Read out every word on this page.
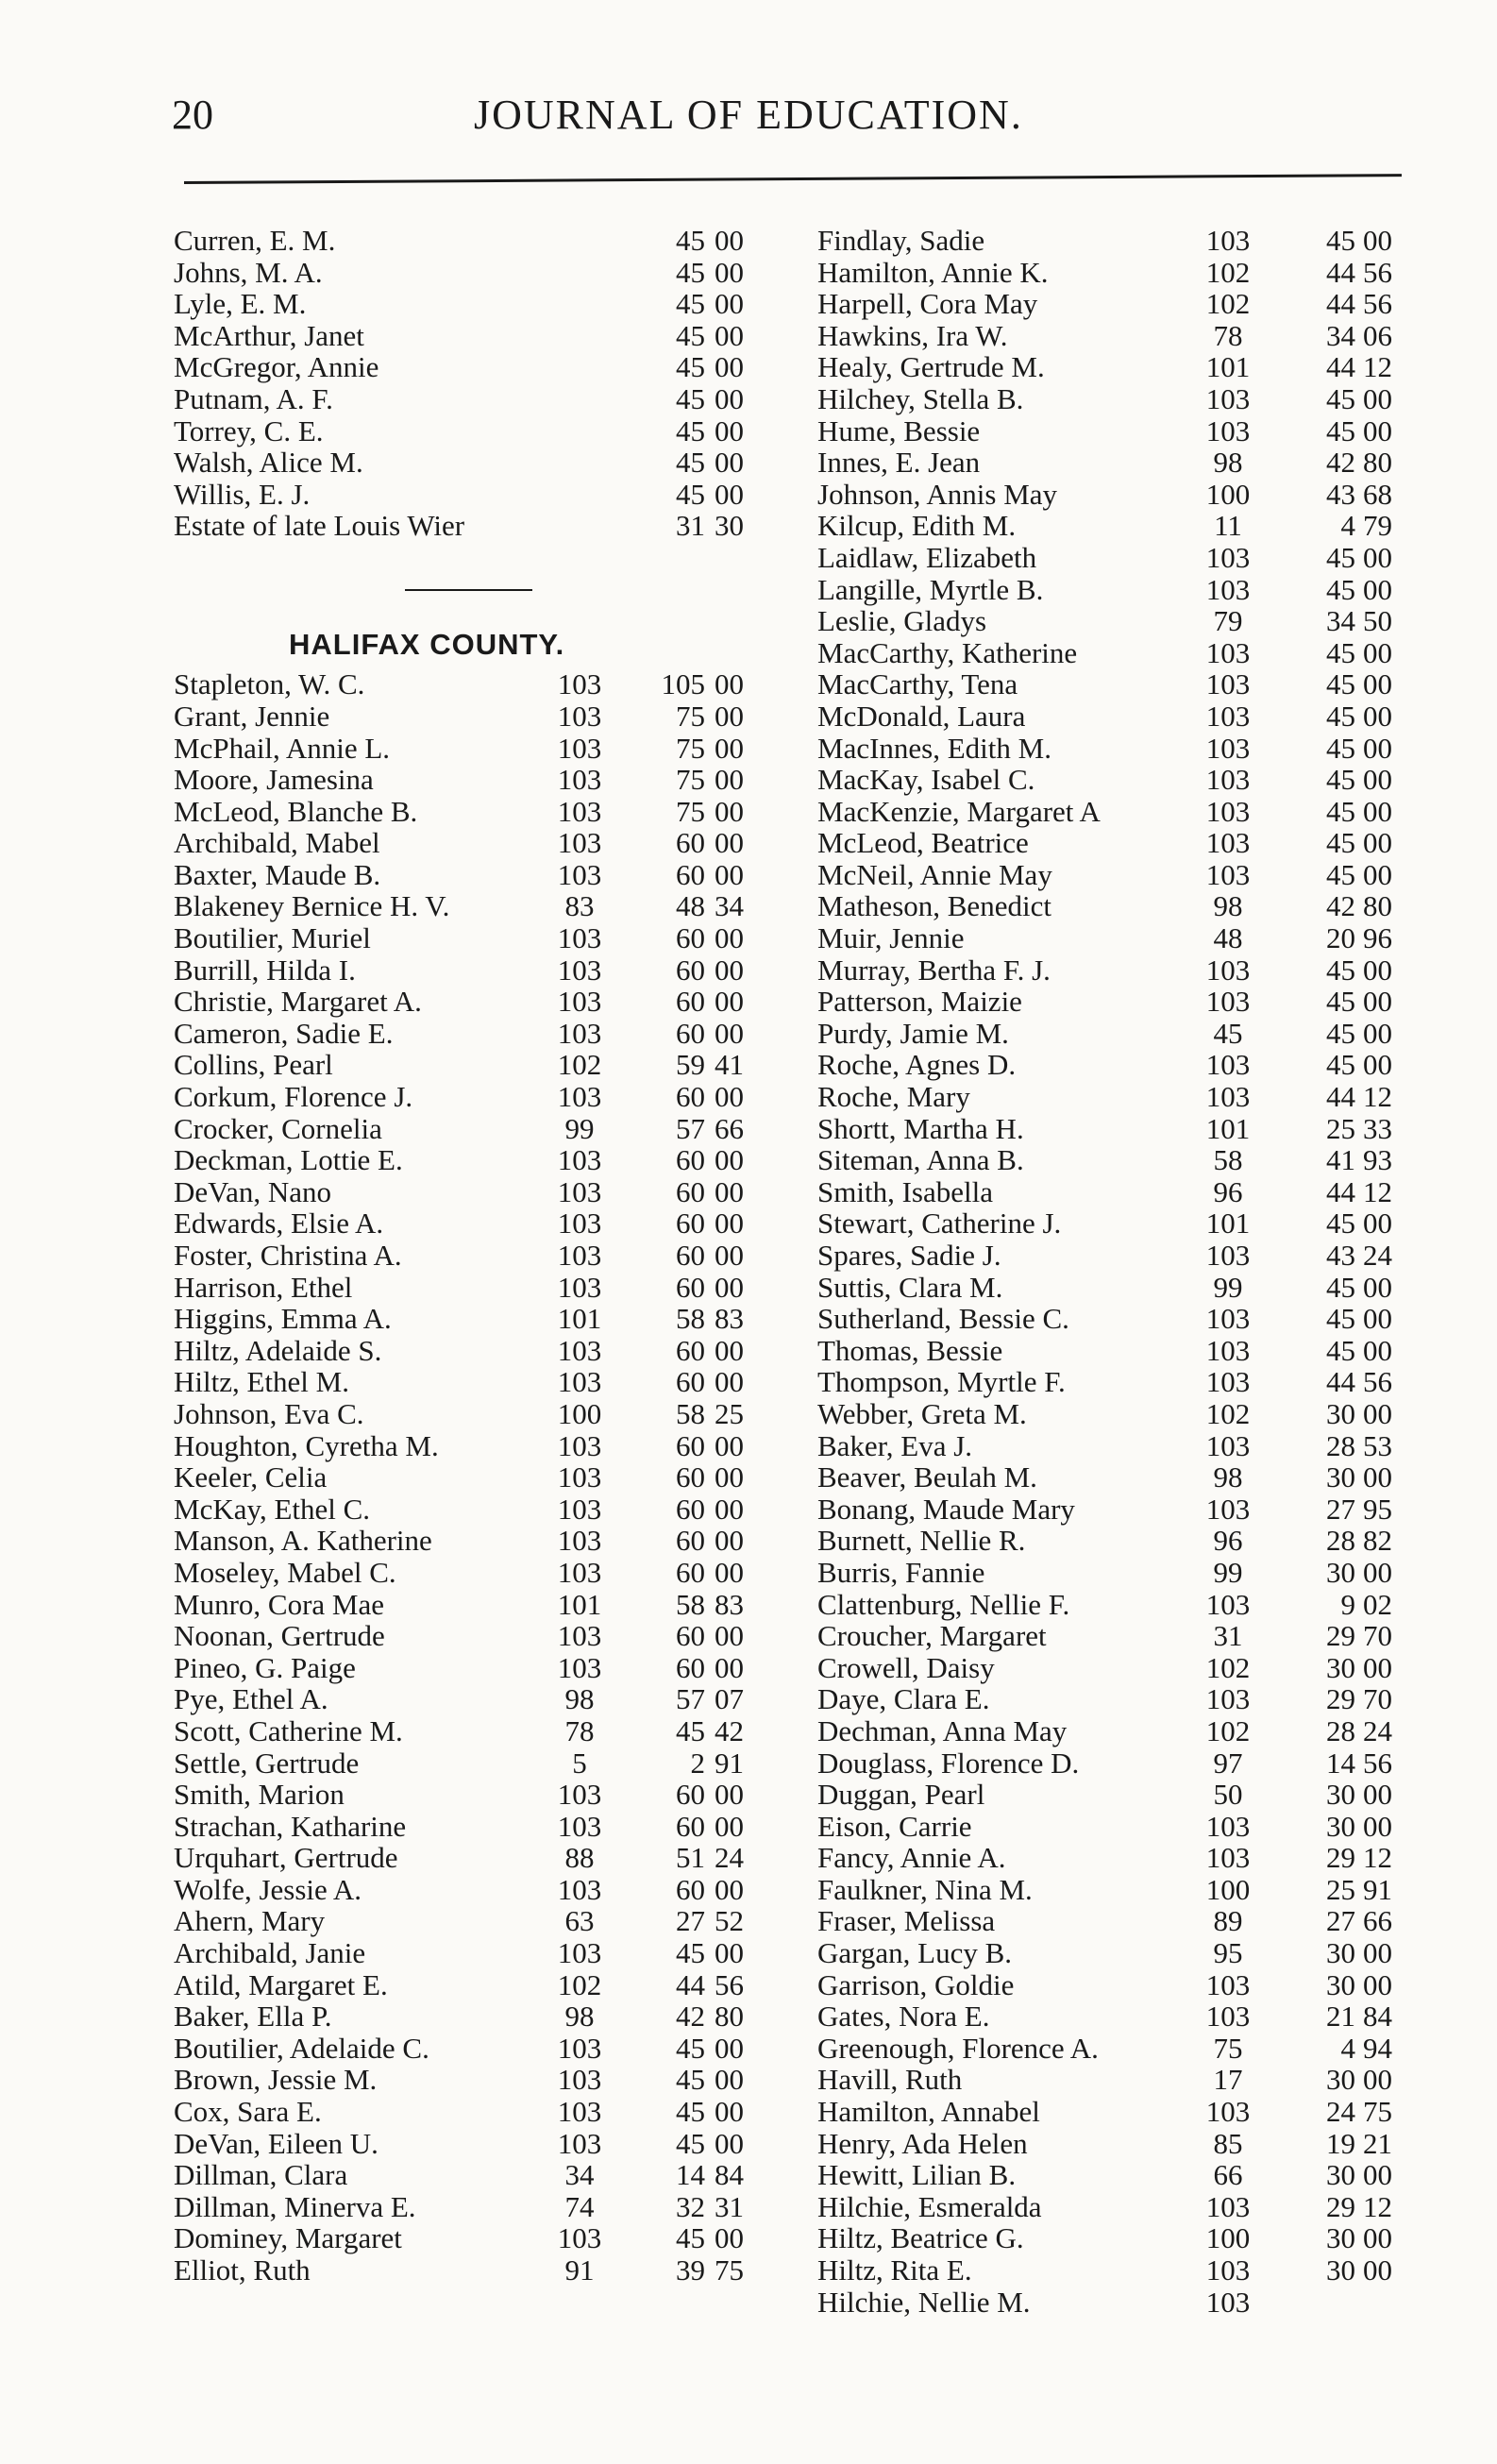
20	JOURNAL OF EDUCATION.
Curren, E. M.	45 00
Johns, M. A.	45 00
Lyle, E. M.	45 00
McArthur, Janet	45 00
McGregor, Annie	45 00
Putnam, A. F.	45 00
Torrey, C. E.	45 00
Walsh, Alice M.	45 00
Willis, E. J.	45 00
Estate of late Louis Wier	31 30
HALIFAX COUNTY.
Stapleton, W. C.	103	105 00
Grant, Jennie	103	75 00
McPhail, Annie L.	103	75 00
Moore, Jamesina	103	75 00
McLeod, Blanche B.	103	75 00
Archibald, Mabel	103	60 00
Baxter, Maude B.	103	60 00
Blakeney Bernice H. V.	83	48 34
Boutilier, Muriel	103	60 00
Burrill, Hilda I.	103	60 00
Christie, Margaret A.	103	60 00
Cameron, Sadie E.	103	60 00
Collins, Pearl	102	59 41
Corkum, Florence J.	103	60 00
Crocker, Cornelia	99	57 66
Deckman, Lottie E.	103	60 00
DeVan, Nano	103	60 00
Edwards, Elsie A.	103	60 00
Foster, Christina A.	103	60 00
Harrison, Ethel	103	60 00
Higgins, Emma A.	101	58 83
Hiltz, Adelaide S.	103	60 00
Hiltz, Ethel M.	103	60 00
Johnson, Eva C.	100	58 25
Houghton, Cyretha M.	103	60 00
Keeler, Celia	103	60 00
McKay, Ethel C.	103	60 00
Manson, A. Katherine	103	60 00
Moseley, Mabel C.	103	60 00
Munro, Cora Mae	101	58 83
Noonan, Gertrude	103	60 00
Pineo, G. Paige	103	60 00
Pye, Ethel A.	98	57 07
Scott, Catherine M.	78	45 42
Settle, Gertrude	5	2 91
Smith, Marion	103	60 00
Strachan, Katharine	103	60 00
Urquhart, Gertrude	88	51 24
Wolfe, Jessie A.	103	60 00
Ahern, Mary	63	27 52
Archibald, Janie	103	45 00
Atild, Margaret E.	102	44 56
Baker, Ella P.	98	42 80
Boutilier, Adelaide C.	103	45 00
Brown, Jessie M.	103	45 00
Cox, Sara E.	103	45 00
DeVan, Eileen U.	103	45 00
Dillman, Clara	34	14 84
Dillman, Minerva E.	74	32 31
Dominey, Margaret	103	45 00
Elliot, Ruth	91	39 75
Findlay, Sadie	103	45 00
Hamilton, Annie K.	102	44 56
Harpell, Cora May	102	44 56
Hawkins, Ira W.	78	34 06
Healy, Gertrude M.	101	44 12
Hilchey, Stella B.	103	45 00
Hume, Bessie	103	45 00
Innes, E. Jean	98	42 80
Johnson, Annis May	100	43 68
Kilcup, Edith M.	11	4 79
Laidlaw, Elizabeth	103	45 00
Langille, Myrtle B.	103	45 00
Leslie, Gladys	79	34 50
MacCarthy, Katherine	103	45 00
MacCarthy, Tena	103	45 00
McDonald, Laura	103	45 00
MacInnes, Edith M.	103	45 00
MacKay, Isabel C.	103	45 00
MacKenzie, Margaret A	103	45 00
McLeod, Beatrice	103	45 00
McNeil, Annie May	103	45 00
Matheson, Benedict	98	42 80
Muir, Jennie	48	20 96
Murray, Bertha F. J.	103	45 00
Patterson, Maizie	103	45 00
Purdy, Jamie M.	45	45 00
Roche, Agnes D.	103	45 00
Roche, Mary	103	44 12
Shortt, Martha H.	101	25 33
Siteman, Anna B.	58	41 93
Smith, Isabella	96	44 12
Stewart, Catherine J.	101	45 00
Spares, Sadie J.	103	43 24
Suttis, Clara M.	99	45 00
Sutherland, Bessie C.	103	45 00
Thomas, Bessie	103	45 00
Thompson, Myrtle F.	103	44 56
Webber, Greta M.	102	30 00
Baker, Eva J.	103	28 53
Beaver, Beulah M.	98	30 00
Bonang, Maude Mary	103	27 95
Burnett, Nellie R.	96	28 82
Burris, Fannie	99	30 00
Clattenburg, Nellie F.	103	9 02
Croucher, Margaret	31	29 70
Crowell, Daisy	102	30 00
Daye, Clara E.	103	29 70
Dechman, Anna May	102	28 24
Douglass, Florence D.	97	14 56
Duggan, Pearl	50	30 00
Eison, Carrie	103	30 00
Fancy, Annie A.	103	29 12
Faulkner, Nina M.	100	25 91
Fraser, Melissa	89	27 66
Gargan, Lucy B.	95	30 00
Garrison, Goldie	103	30 00
Gates, Nora E.	103	21 84
Greenough, Florence A.	75	4 94
Havill, Ruth	17	30 00
Hamilton, Annabel	103	24 75
Henry, Ada Helen	85	19 21
Hewitt, Lilian B.	66	30 00
Hilchie, Esmeralda	103	29 12
Hiltz, Beatrice G.	100	30 00
Hiltz, Rita E.	103	30 00
Hilchie, Nellie M.	103
